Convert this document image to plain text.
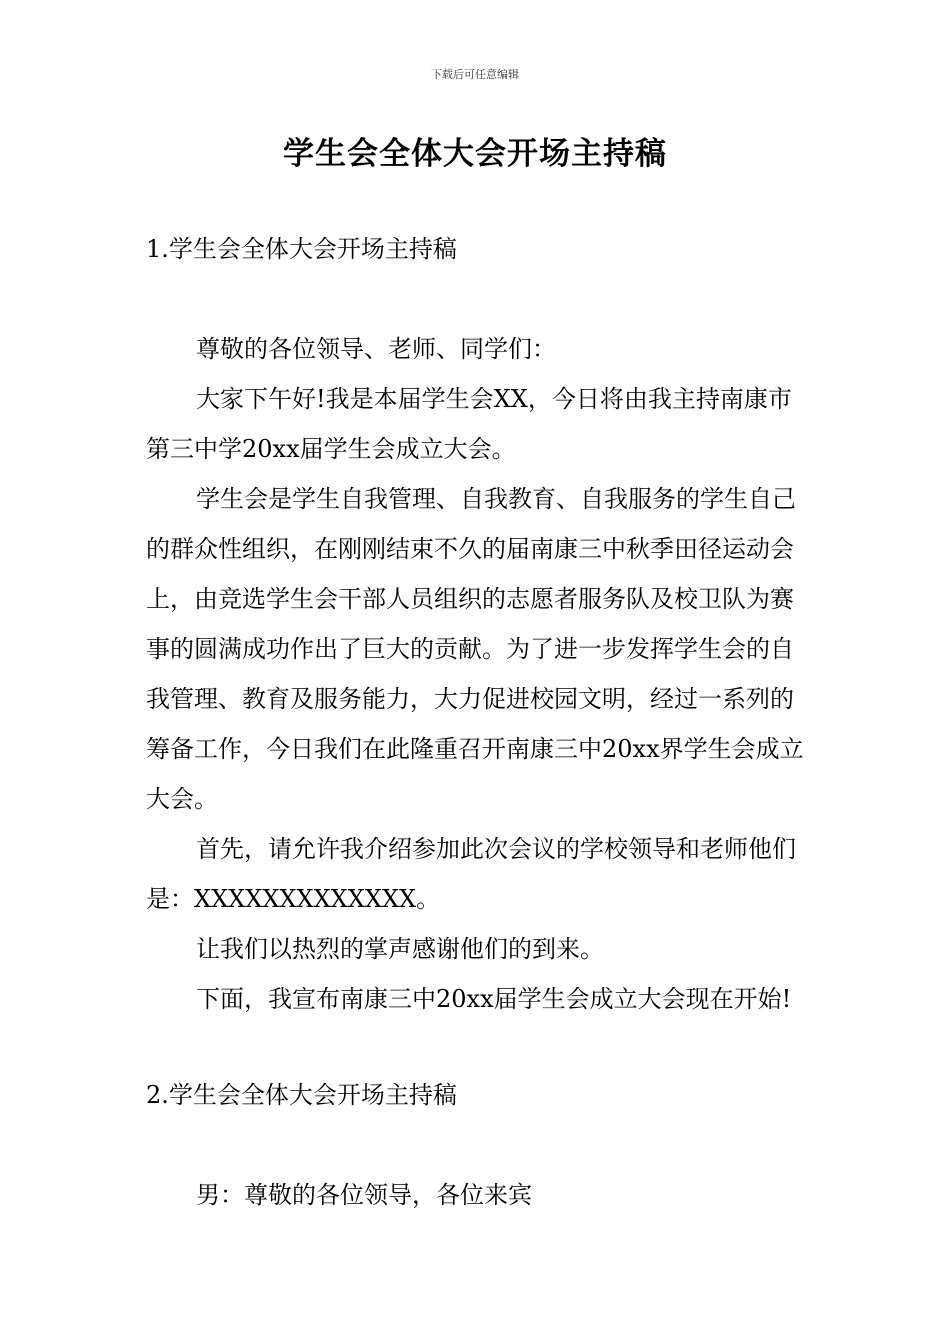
下载后可任意编辑
学生会全体大会开场主持稿
1.学生会全体大会开场主持稿

尊敬的各位领导、老师、同学们：

大家下午好!我是本届学生会XX，今日将由我主持南康市第三中学20xx届学生会成立大会。

学生会是学生自我管理、自我教育、自我服务的学生自己的群众性组织，在刚刚结束不久的届南康三中秋季田径运动会上，由竞选学生会干部人员组织的志愿者服务队及校卫队为赛事的圆满成功作出了巨大的贡献。为了进一步发挥学生会的自我管理、教育及服务能力，大力促进校园文明，经过一系列的筹备工作，今日我们在此隆重召开南康三中20xx界学生会成立大会。

首先，请允许我介绍参加此次会议的学校领导和老师他们是：XXXXXXXXXXXXX。

让我们以热烈的掌声感谢他们的到来。

下面，我宣布南康三中20xx届学生会成立大会现在开始!

2.学生会全体大会开场主持稿

男：尊敬的各位领导，各位来宾
